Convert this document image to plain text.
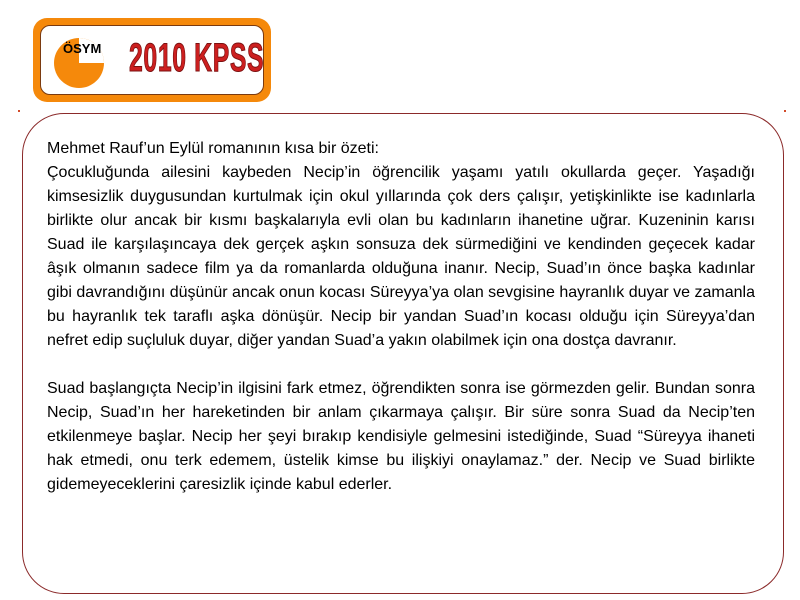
ÖSYM 2010 KPSS

Mehmet Rauf’un Eylül romanının kısa bir özeti:

Çocukluğunda ailesini kaybeden Necip’in öğrencilik yaşamı yatılı okullarda geçer. Yaşadığı kimsesizlik duygusundan kurtulmak için okul yıllarında çok ders çalışır, yetişkinlikte ise kadınlarla birlikte olur ancak bir kısmı başkalarıyla evli olan bu kadınların ihanetine uğrar. Kuzeninin karısı Suad ile karşılaşıncaya dek gerçek aşkın sonsuza dek sürmediğini ve kendinden geçecek kadar âşık olmanın sadece film ya da romanlarda olduğuna inanır. Necip, Suad’ın önce başka kadınlar gibi davrandığını düşünür ancak onun kocası Süreyya’ya olan sevgisine hayranlık duyar ve zamanla bu hayranlık tek taraflı aşka dönüşür. Necip bir yandan Suad’ın kocası olduğu için Süreyya’dan nefret edip suçluluk duyar, diğer yandan Suad’a yakın olabilmek için ona dostça davranır.

Suad başlangıçta Necip’in ilgisini fark etmez, öğrendikten sonra ise görmezden gelir. Bundan sonra Necip, Suad’ın her hareketinden bir anlam çıkarmaya çalışır. Bir süre sonra Suad da Necip’ten etkilenmeye başlar. Necip her şeyi bırakıp kendisiyle gelmesini istediğinde, Suad “Süreyya ihaneti hak etmedi, onu terk edemem, üstelik kimse bu ilişkiyi onaylamaz.” der. Necip ve Suad birlikte gidemeyeceklerini çaresizlik içinde kabul ederler.
